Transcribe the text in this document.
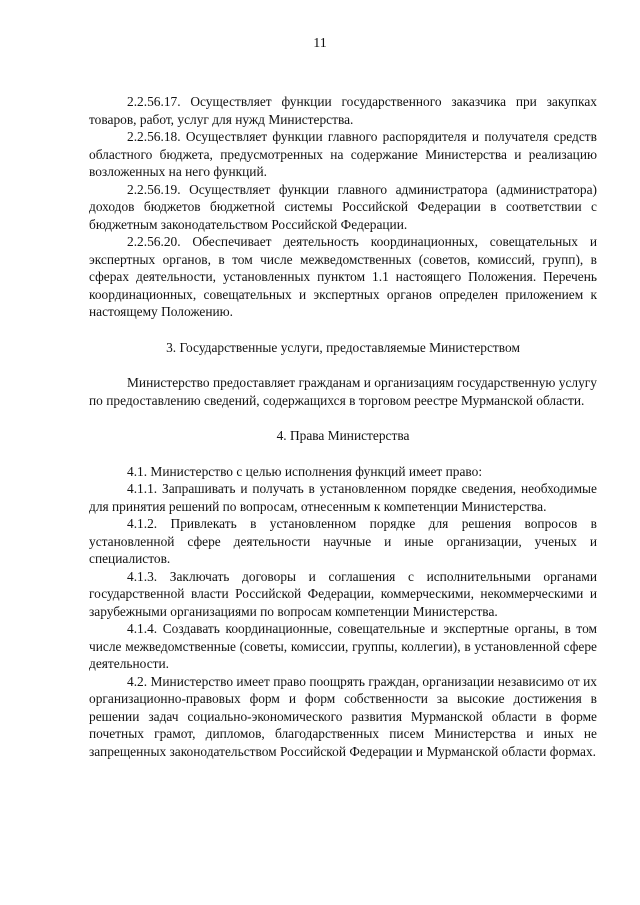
11

2.2.56.17. Осуществляет функции государственного заказчика при закупках товаров, работ, услуг для нужд Министерства.

2.2.56.18. Осуществляет функции главного распорядителя и получателя средств областного бюджета, предусмотренных на содержание Министерства и реализацию возложенных на него функций.

2.2.56.19. Осуществляет функции главного администратора (администратора) доходов бюджетов бюджетной системы Российской Федерации в соответствии с бюджетным законодательством Российской Федерации.

2.2.56.20. Обеспечивает деятельность координационных, совещательных и экспертных органов, в том числе межведомственных (советов, комиссий, групп), в сферах деятельности, установленных пунктом 1.1 настоящего Положения. Перечень координационных, совещательных и экспертных органов определен приложением к настоящему Положению.

3. Государственные услуги, предоставляемые Министерством

Министерство предоставляет гражданам и организациям государственную услугу по предоставлению сведений, содержащихся в торговом реестре Мурманской области.

4. Права Министерства

4.1. Министерство с целью исполнения функций имеет право:

4.1.1. Запрашивать и получать в установленном порядке сведения, необходимые для принятия решений по вопросам, отнесенным к компетенции Министерства.

4.1.2. Привлекать в установленном порядке для решения вопросов в установленной сфере деятельности научные и иные организации, ученых и специалистов.

4.1.3. Заключать договоры и соглашения с исполнительными органами государственной власти Российской Федерации, коммерческими, некоммерческими и зарубежными организациями по вопросам компетенции Министерства.

4.1.4. Создавать координационные, совещательные и экспертные органы, в том числе межведомственные (советы, комиссии, группы, коллегии), в установленной сфере деятельности.

4.2. Министерство имеет право поощрять граждан, организации независимо от их организационно-правовых форм и форм собственности за высокие достижения в решении задач социально-экономического развития Мурманской области в форме почетных грамот, дипломов, благодарственных писем Министерства и иных не запрещенных законодательством Российской Федерации и Мурманской области формах.
